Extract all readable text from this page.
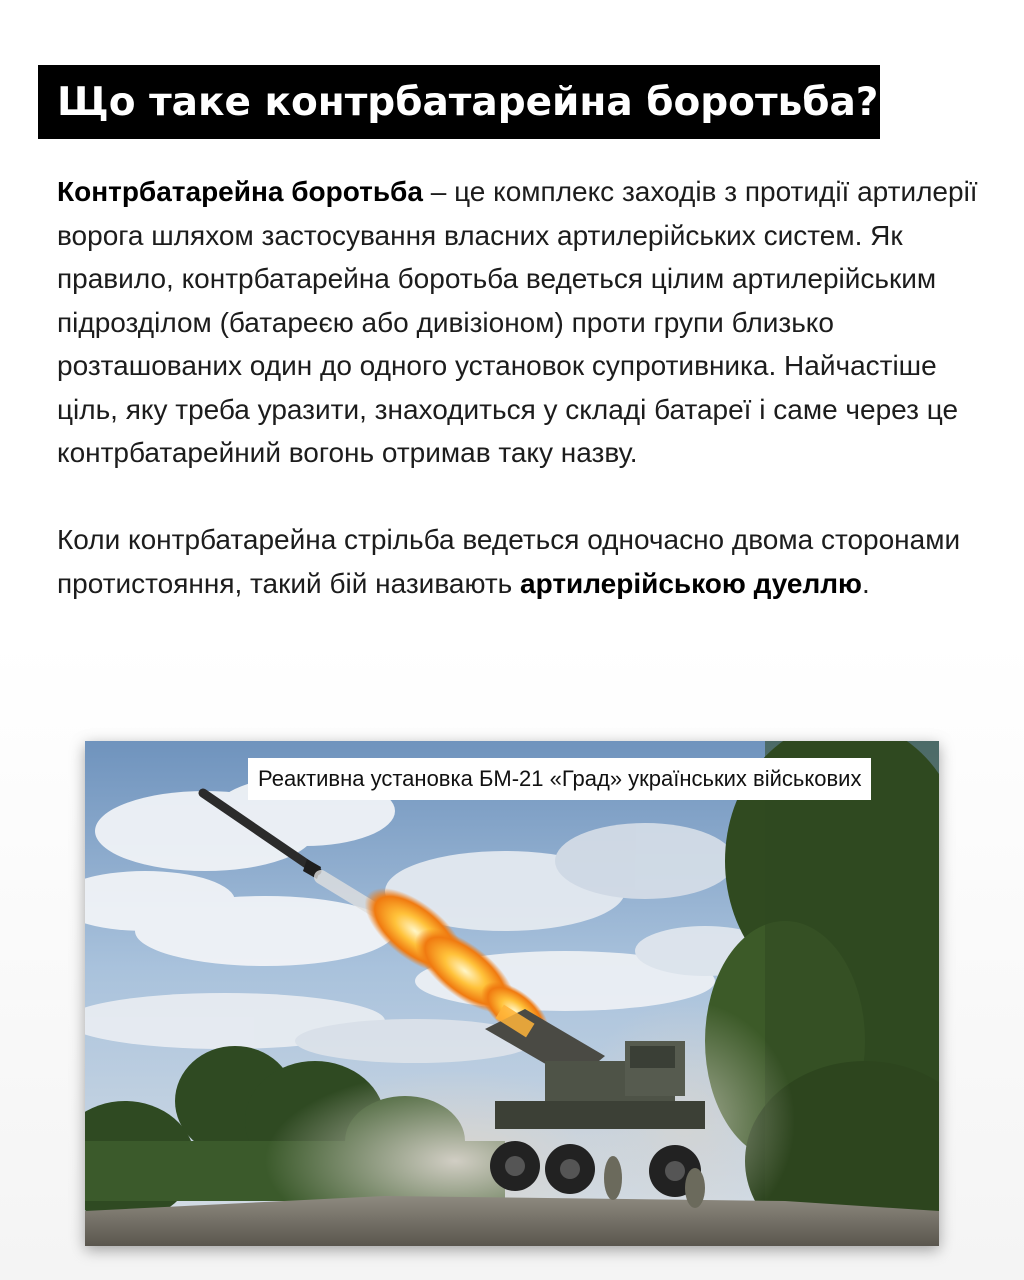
Що таке контрбатарейна боротьба?

Контрбатарейна боротьба – це комплекс заходів з протидії артилерії ворога шляхом застосування власних артилерійських систем. Як правило, контрбатарейна боротьба ведеться цілим артилерійським підрозділом (батареєю або дивізіоном) проти групи близько розташованих один до одного установок супротивника. Найчастіше ціль, яку треба уразити, знаходиться у складі батареї і саме через це контрбатарейний вогонь отримав таку назву.

Коли контрбатарейна стрільба ведеться одночасно двома сторонами протистояння, такий бій називають артилерійською дуеллю.

Реактивна установка БМ-21 «Град» українських військових
